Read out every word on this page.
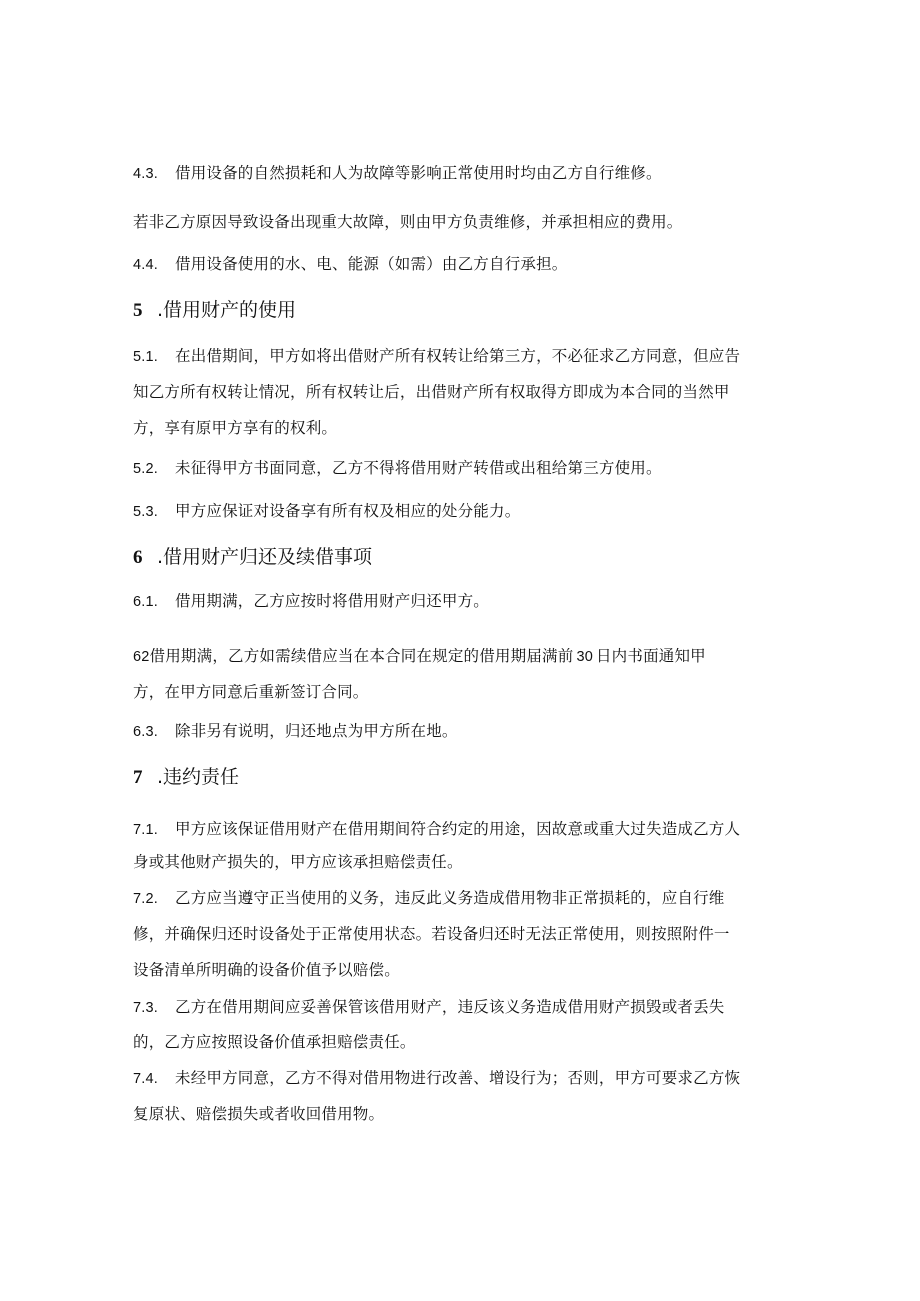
4.3. 借用设备的自然损耗和人为故障等影响正常使用时均由乙方自行维修。
若非乙方原因导致设备出现重大故障，则由甲方负责维修，并承担相应的费用。
4.4. 借用设备使用的水、电、能源（如需）由乙方自行承担。
5 .借用财产的使用
5.1. 在出借期间，甲方如将出借财产所有权转让给第三方，不必征求乙方同意，但应告
知乙方所有权转让情况，所有权转让后，出借财产所有权取得方即成为本合同的当然甲
方，享有原甲方享有的权利。
5.2. 未征得甲方书面同意，乙方不得将借用财产转借或出租给第三方使用。
5.3. 甲方应保证对设备享有所有权及相应的处分能力。
6 .借用财产归还及续借事项
6.1. 借用期满，乙方应按时将借用财产归还甲方。
62借用期满，乙方如需续借应当在本合同在规定的借用期届满前 30 日内书面通知甲
方，在甲方同意后重新签订合同。
6.3. 除非另有说明，归还地点为甲方所在地。
7 .违约责任
7.1. 甲方应该保证借用财产在借用期间符合约定的用途，因故意或重大过失造成乙方人
身或其他财产损失的，甲方应该承担赔偿责任。
7.2. 乙方应当遵守正当使用的义务，违反此义务造成借用物非正常损耗的，应自行维
修，并确保归还时设备处于正常使用状态。若设备归还时无法正常使用，则按照附件一
设备清单所明确的设备价值予以赔偿。
7.3. 乙方在借用期间应妥善保管该借用财产，违反该义务造成借用财产损毁或者丢失
的，乙方应按照设备价值承担赔偿责任。
7.4. 未经甲方同意，乙方不得对借用物进行改善、增设行为；否则，甲方可要求乙方恢
复原状、赔偿损失或者收回借用物。
